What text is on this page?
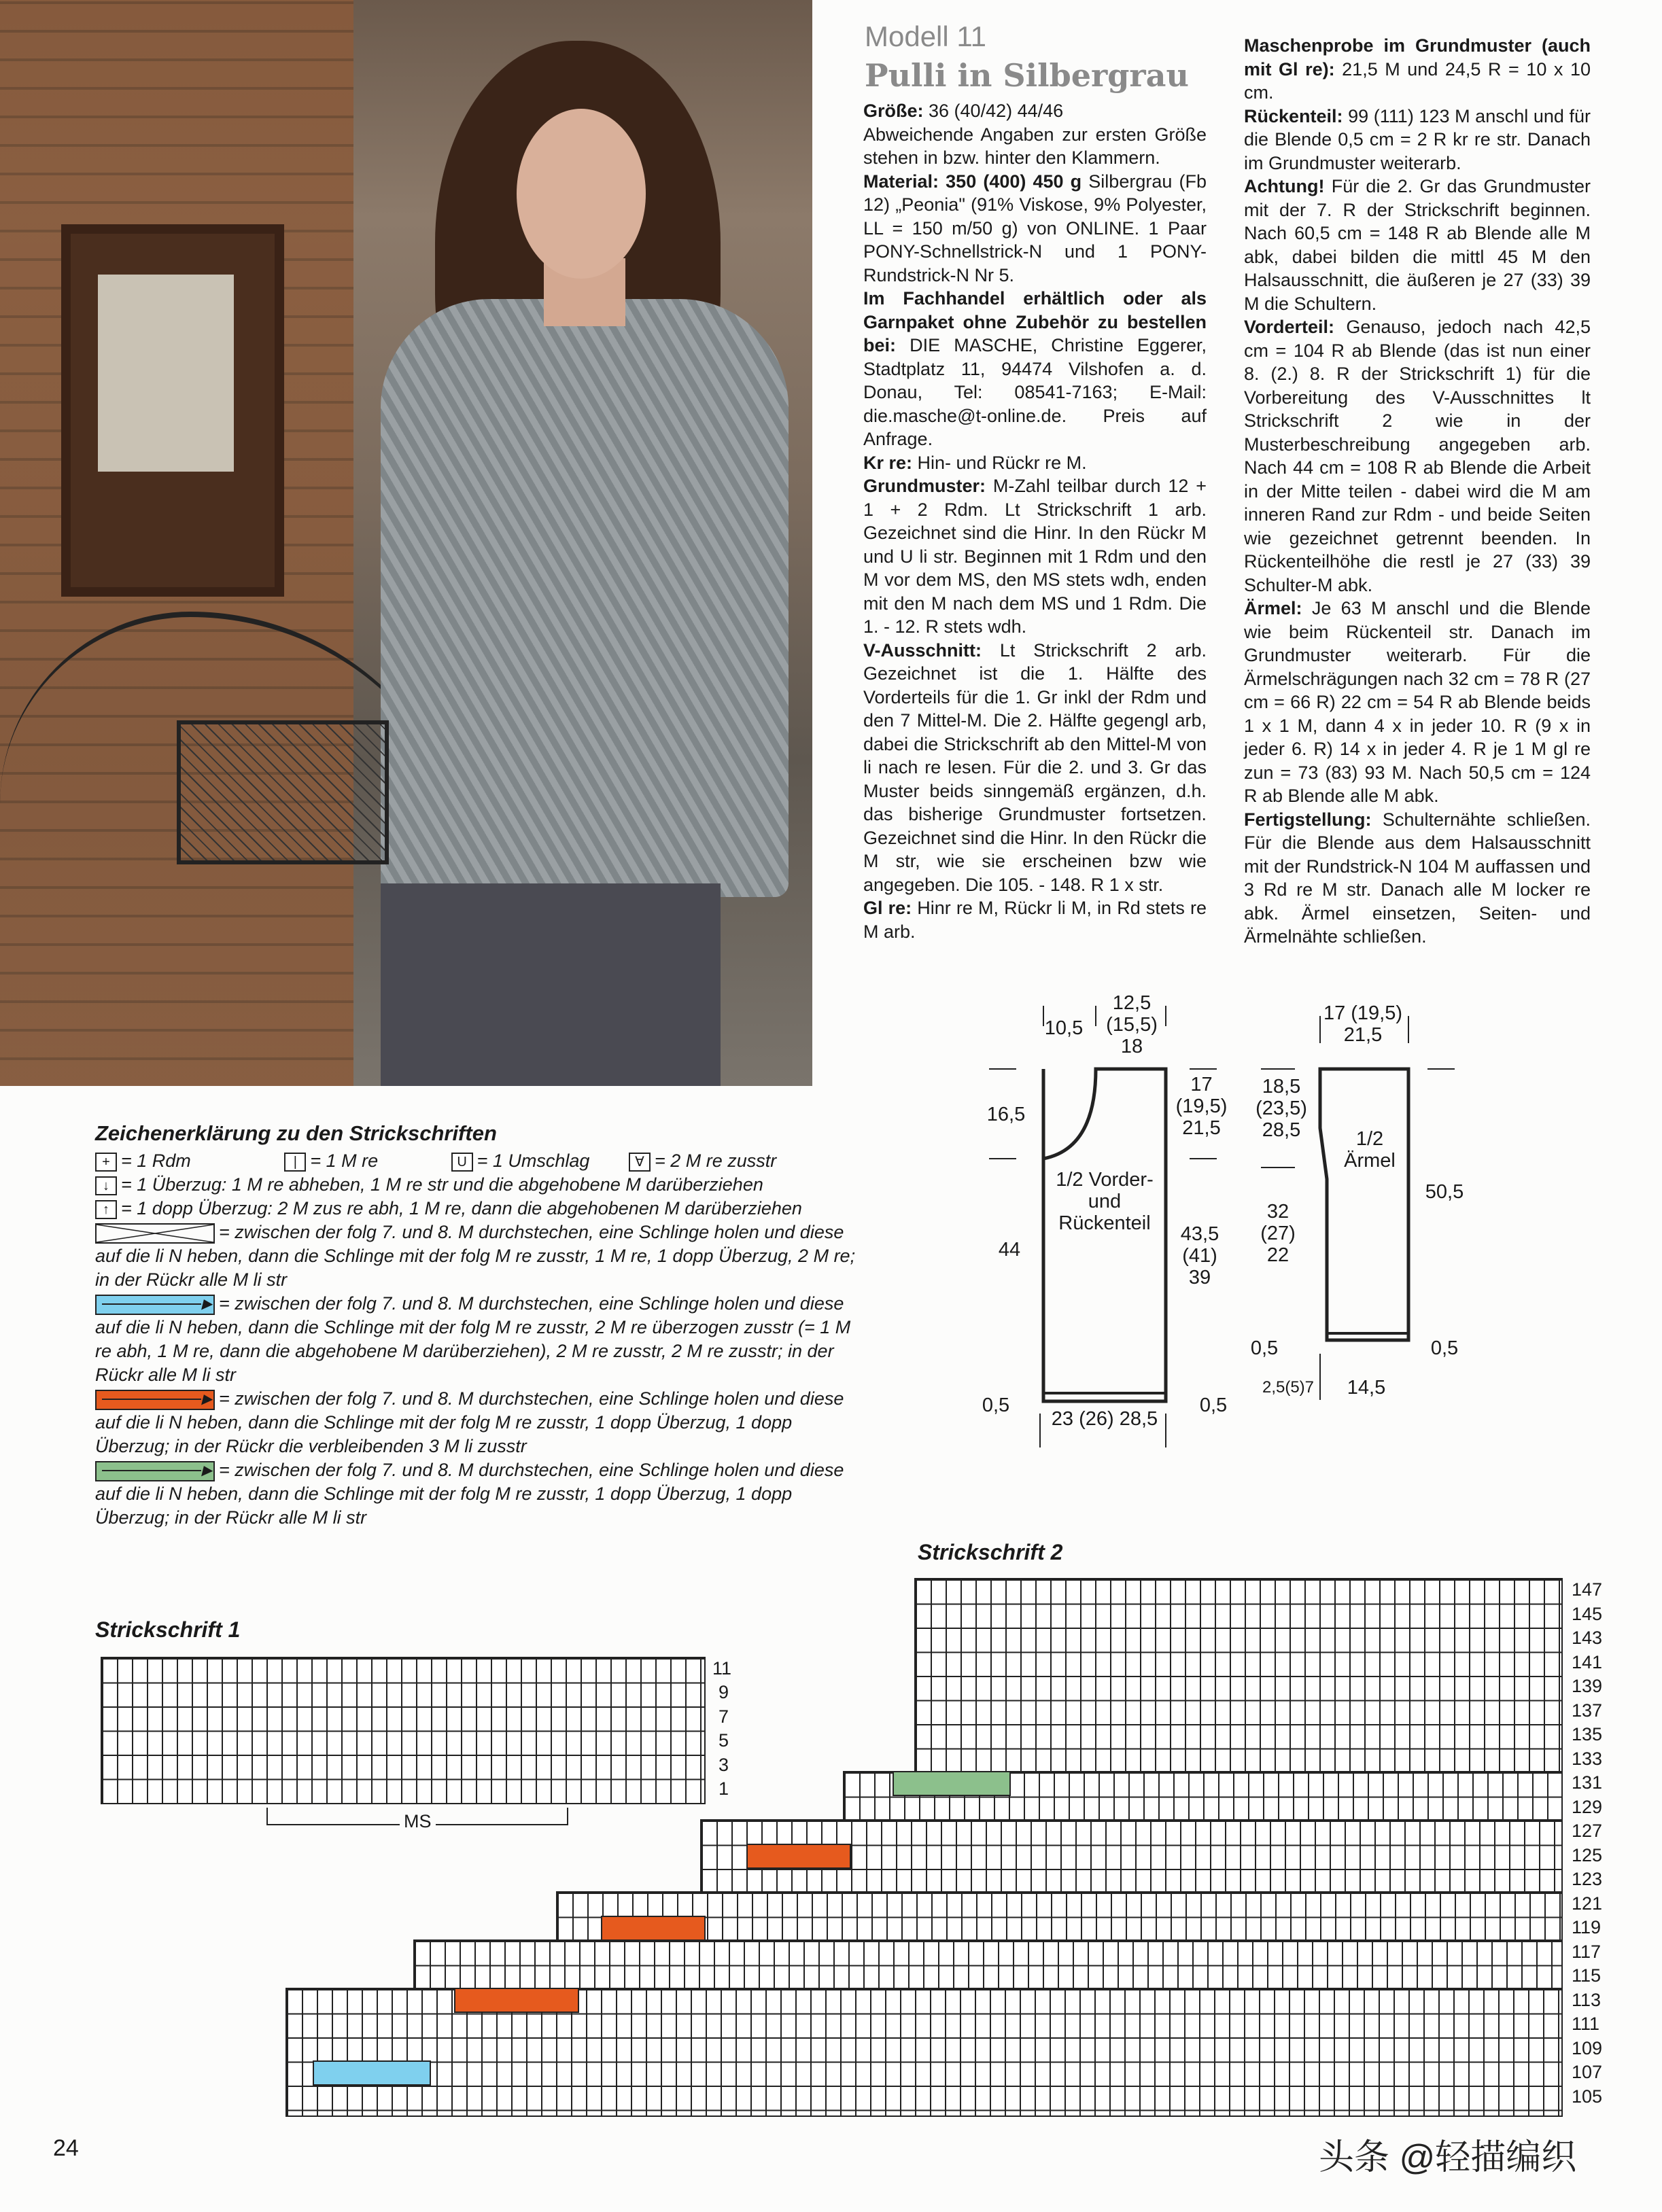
Modell 11
Pulli in Silbergrau

Größe: 36 (40/42) 44/46

Abweichende Angaben zur ersten Größe stehen in bzw. hinter den Klammern.

Material: 350 (400) 450 g Silbergrau (Fb 12) „Peonia" (91% Viskose, 9% Polyester, LL = 150 m/50 g) von ONLINE. 1 Paar PONY-Schnellstrick-N und 1 PONY-Rundstrick-N Nr 5.

Im Fachhandel erhältlich oder als Garnpaket ohne Zubehör zu bestellen bei: DIE MASCHE, Christine Eggerer, Stadtplatz 11, 94474 Vilshofen a. d. Donau, Tel: 08541-7163; E-Mail: die.masche@t-online.de. Preis auf Anfrage.

Kr re: Hin- und Rückr re M.

Grundmuster: M-Zahl teilbar durch 12 + 1 + 2 Rdm. Lt Strickschrift 1 arb. Gezeichnet sind die Hinr. In den Rückr M und U li str. Beginnen mit 1 Rdm und den M vor dem MS, den MS stets wdh, enden mit den M nach dem MS und 1 Rdm. Die 1. - 12. R stets wdh.

V-Ausschnitt: Lt Strickschrift 2 arb. Gezeichnet ist die 1. Hälfte des Vorderteils für die 1. Gr inkl der Rdm und den 7 Mittel-M. Die 2. Hälfte gegengl arb, dabei die Strickschrift ab den Mittel-M von li nach re lesen. Für die 2. und 3. Gr das Muster beids sinngemäß ergänzen, d.h. das bisherige Grundmuster fortsetzen. Gezeichnet sind die Hinr. In den Rückr die M str, wie sie erscheinen bzw wie angegeben. Die 105. - 148. R 1 x str.

Gl re: Hinr re M, Rückr li M, in Rd stets re M arb.

Maschenprobe im Grundmuster (auch mit Gl re): 21,5 M und 24,5 R = 10 x 10 cm.

Rückenteil: 99 (111) 123 M anschl und für die Blende 0,5 cm = 2 R kr re str. Danach im Grundmuster weiterarb.

Achtung! Für die 2. Gr das Grundmuster mit der 7. R der Strickschrift beginnen. Nach 60,5 cm = 148 R ab Blende alle M abk, dabei bilden die mittl 45 M den Halsausschnitt, die äußeren je 27 (33) 39 M die Schultern.

Vorderteil: Genauso, jedoch nach 42,5 cm = 104 R ab Blende (das ist nun einer 8. (2.) 8. R der Strickschrift 1) für die Vorbereitung des V-Ausschnittes lt Strickschrift 2 wie in der Musterbeschreibung angegeben arb. Nach 44 cm = 108 R ab Blende die Arbeit in der Mitte teilen - dabei wird die M am inneren Rand zur Rdm - und beide Seiten wie gezeichnet getrennt beenden. In Rückenteilhöhe die restl je 27 (33) 39 Schulter-M abk.

Ärmel: Je 63 M anschl und die Blende wie beim Rückenteil str. Danach im Grundmuster weiterarb. Für die Ärmelschrägungen nach 32 cm = 78 R (27 cm = 66 R) 22 cm = 54 R ab Blende beids 1 x 1 M, dann 4 x in jeder 10. R (9 x in jeder 6. R) 14 x in jeder 4. R je 1 M gl re zun = 73 (83) 93 M. Nach 50,5 cm = 124 R ab Blende alle M abk.

Fertigstellung: Schulternähte schließen. Für die Blende aus dem Halsausschnitt mit der Rundstrick-N 104 M auffassen und 3 Rd re M str. Danach alle M locker re abk. Ärmel einsetzen, Seiten- und Ärmelnähte schließen.

Zeichenerklärung zu den Strickschriften
+ = 1 Rdm	| = 1 M re	U = 1 Umschlag	∀ = 2 M re zusstr
↓ = 1 Überzug: 1 M re abheben, 1 M re str und die abgehobene M darüberziehen
↑ = 1 dopp Überzug: 2 M zus re abh, 1 M re, dann die abgehobenen M darüberziehen
= zwischen der folg 7. und 8. M durchstechen, eine Schlinge holen und diese auf die li N heben, dann die Schlinge mit der folg M re zusstr, 1 M re, 1 dopp Überzug, 2 M re; in der Rückr alle M li str
▶= zwischen der folg 7. und 8. M durchstechen, eine Schlinge holen und diese auf die li N heben, dann die Schlinge mit der folg M re zusstr, 2 M re überzogen zusstr (= 1 M re abh, 1 M re, dann die abgehobene M darüberziehen), 2 M re zusstr, 2 M re zusstr; in der Rückr alle M li str
▶= zwischen der folg 7. und 8. M durchstechen, eine Schlinge holen und diese auf die li N heben, dann die Schlinge mit der folg M re zusstr, 1 dopp Überzug, 1 dopp Überzug; in der Rückr die verbleibenden 3 M li zusstr
▶= zwischen der folg 7. und 8. M durchstechen, eine Schlinge holen und diese auf die li N heben, dann die Schlinge mit der folg M re zusstr, 1 dopp Überzug, 1 dopp Überzug; in der Rückr alle M li str
10,5
12,5 (15,5) 18
16,5
17 (19,5) 21,5
1/2 Vorder- und Rückenteil
44
43,5 (41) 39
0,5	0,5
23 (26) 28,5
17 (19,5) 21,5
18,5 (23,5) 28,5	1/2 Ärmel
50,5
32 (27) 22
0,5	0,5
2,5(5)7	14,5
Strickschrift 1
11
9
7
5
3
1
MS
Strickschrift 2
147
145
143
141
139
137
135
133
131
129
127
125
123
121
119
117
115
113
111
109
107
105
24	头条 @轻描编织
